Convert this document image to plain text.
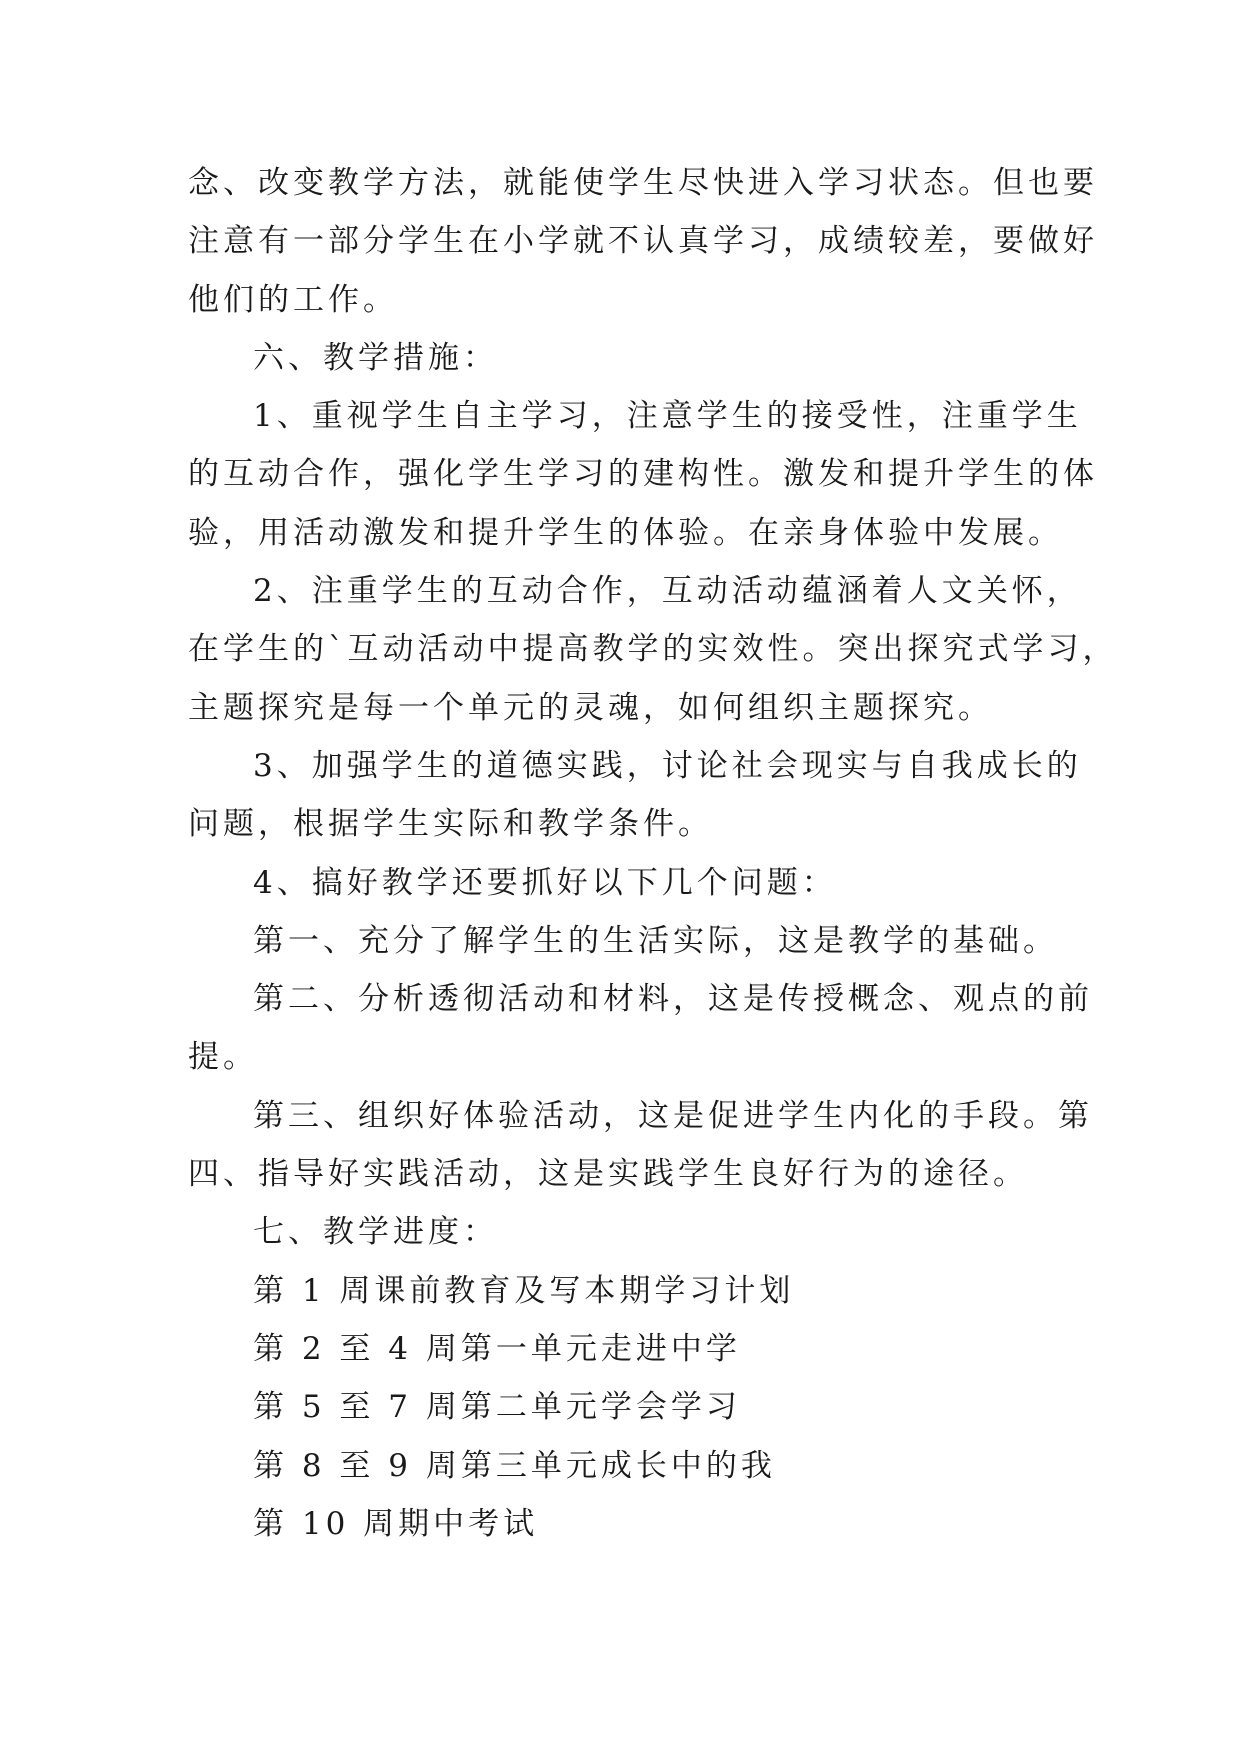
念、改变教学方法，就能使学生尽快进入学习状态。但也要
注意有一部分学生在小学就不认真学习，成绩较差，要做好
他们的工作。
六、教学措施：
1、重视学生自主学习，注意学生的接受性，注重学生
的互动合作，强化学生学习的建构性。激发和提升学生的体
验，用活动激发和提升学生的体验。在亲身体验中发展。
2、注重学生的互动合作，互动活动蕴涵着人文关怀，
在学生的`互动活动中提高教学的实效性。突出探究式学习，
主题探究是每一个单元的灵魂，如何组织主题探究。
3、加强学生的道德实践，讨论社会现实与自我成长的
问题，根据学生实际和教学条件。
4、搞好教学还要抓好以下几个问题：
第一、充分了解学生的生活实际，这是教学的基础。
第二、分析透彻活动和材料，这是传授概念、观点的前
提。
第三、组织好体验活动，这是促进学生内化的手段。第
四、指导好实践活动，这是实践学生良好行为的途径。
七、教学进度：
第 1 周课前教育及写本期学习计划
第 2 至 4 周第一单元走进中学
第 5 至 7 周第二单元学会学习
第 8 至 9 周第三单元成长中的我
第 10 周期中考试
